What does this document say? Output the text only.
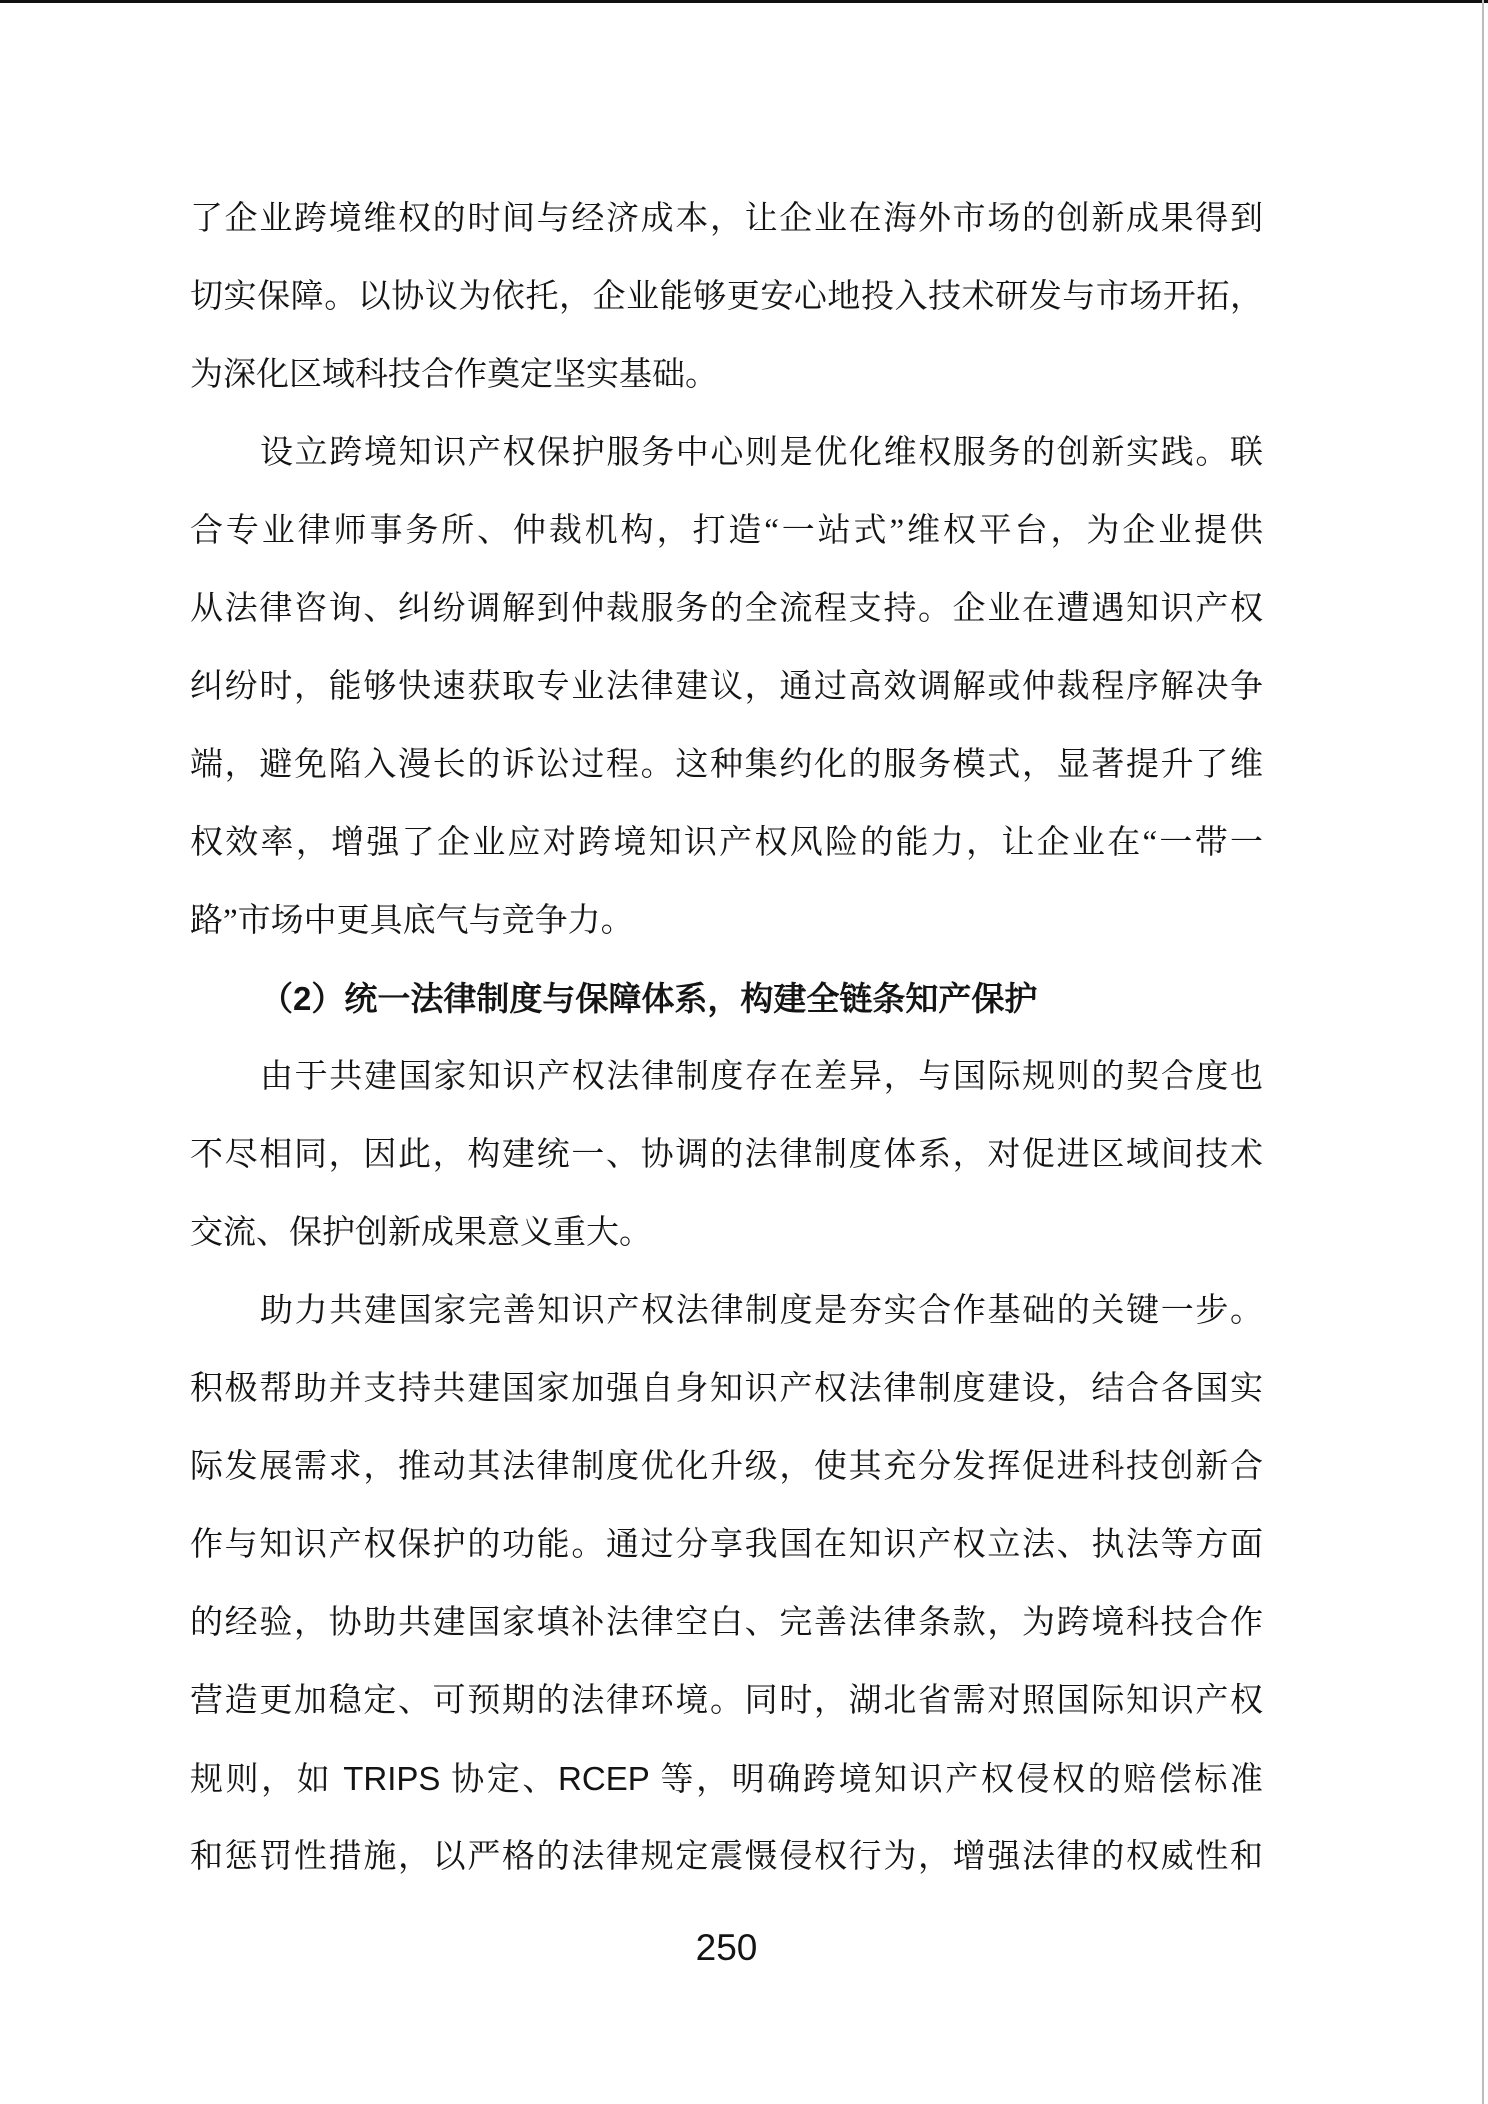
了企业跨境维权的时间与经济成本，让企业在海外市场的创新成果得到

切实保障。以协议为依托，企业能够更安心地投入技术研发与市场开拓，

为深化区域科技合作奠定坚实基础。

设立跨境知识产权保护服务中心则是优化维权服务的创新实践。联

合专业律师事务所、仲裁机构，打造“一站式”维权平台，为企业提供

从法律咨询、纠纷调解到仲裁服务的全流程支持。企业在遭遇知识产权

纠纷时，能够快速获取专业法律建议，通过高效调解或仲裁程序解决争

端，避免陷入漫长的诉讼过程。这种集约化的服务模式，显著提升了维

权效率，增强了企业应对跨境知识产权风险的能力，让企业在“一带一

路”市场中更具底气与竞争力。

（2）统一法律制度与保障体系，构建全链条知产保护

由于共建国家知识产权法律制度存在差异，与国际规则的契合度也

不尽相同，因此，构建统一、协调的法律制度体系，对促进区域间技术

交流、保护创新成果意义重大。

助力共建国家完善知识产权法律制度是夯实合作基础的关键一步。

积极帮助并支持共建国家加强自身知识产权法律制度建设，结合各国实

际发展需求，推动其法律制度优化升级，使其充分发挥促进科技创新合

作与知识产权保护的功能。通过分享我国在知识产权立法、执法等方面

的经验，协助共建国家填补法律空白、完善法律条款，为跨境科技合作

营造更加稳定、可预期的法律环境。同时，湖北省需对照国际知识产权

规则，如 TRIPS 协定、RCEP 等，明确跨境知识产权侵权的赔偿标准

和惩罚性措施，以严格的法律规定震慑侵权行为，增强法律的权威性和

250
